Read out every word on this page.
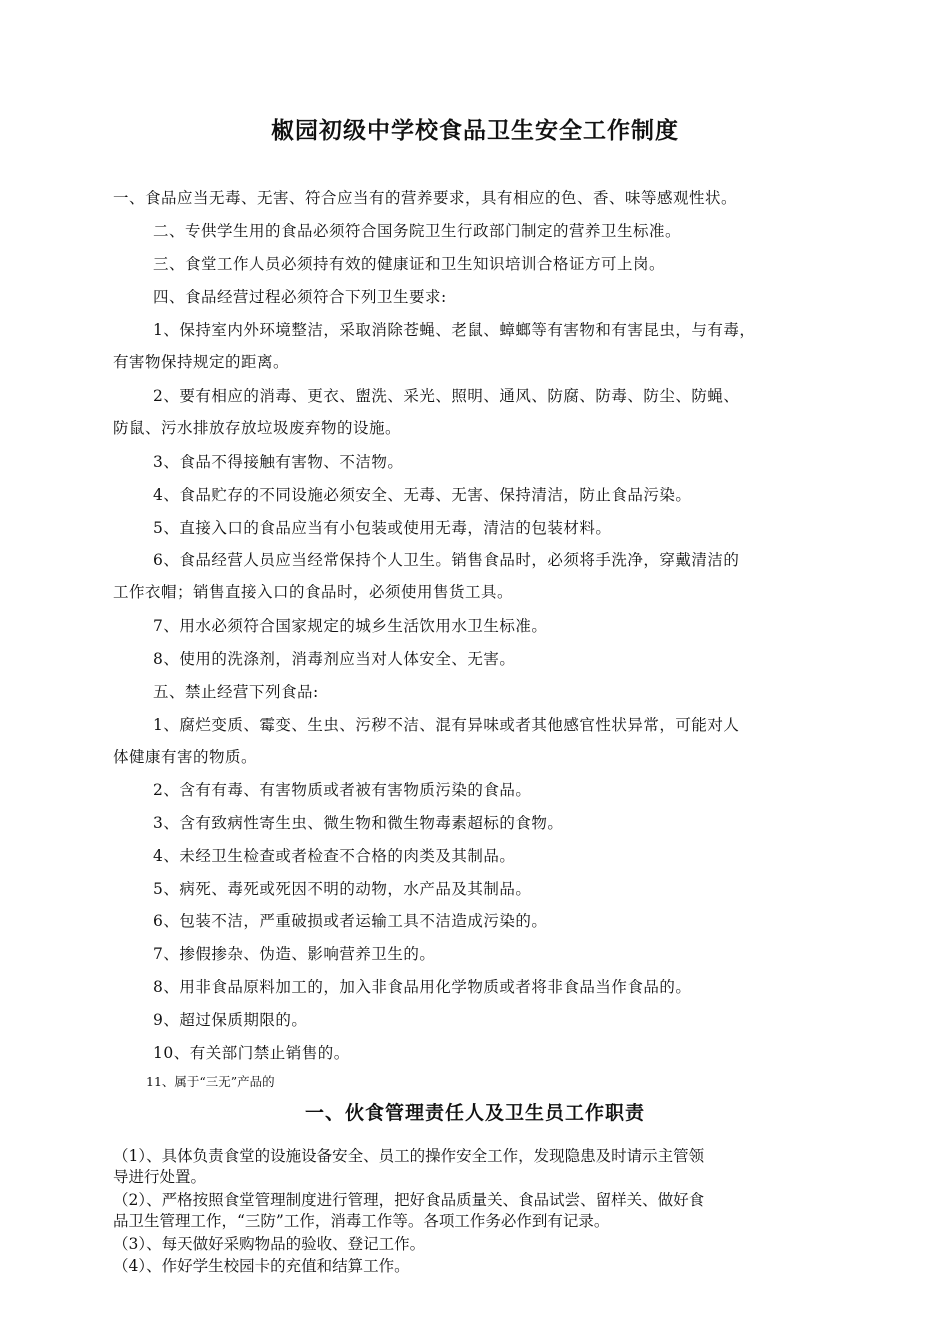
椒园初级中学校食品卫生安全工作制度
一、食品应当无毒、无害、符合应当有的营养要求，具有相应的色、香、味等感观性状。
二、专供学生用的食品必须符合国务院卫生行政部门制定的营养卫生标准。
三、食堂工作人员必须持有效的健康证和卫生知识培训合格证方可上岗。
四、食品经营过程必须符合下列卫生要求:
1、保持室内外环境整洁，采取消除苍蝇、老鼠、蟑螂等有害物和有害昆虫，与有毒，
有害物保持规定的距离。
2、要有相应的消毒、更衣、盥洗、采光、照明、通风、防腐、防毒、防尘、防蝇、
防鼠、污水排放存放垃圾废弃物的设施。
3、食品不得接触有害物、不洁物。
4、食品贮存的不同设施必须安全、无毒、无害、保持清洁，防止食品污染。
5、直接入口的食品应当有小包装或使用无毒，清洁的包装材料。
6、食品经营人员应当经常保持个人卫生。销售食品时，必须将手洗净，穿戴清洁的
工作衣帽；销售直接入口的食品时，必须使用售货工具。
7、用水必须符合国家规定的城乡生活饮用水卫生标准。
8、使用的洗涤剂，消毒剂应当对人体安全、无害。
五、禁止经营下列食品:
1、腐烂变质、霉变、生虫、污秽不洁、混有异味或者其他感官性状异常，可能对人
体健康有害的物质。
2、含有有毒、有害物质或者被有害物质污染的食品。
3、含有致病性寄生虫、微生物和微生物毒素超标的食物。
4、未经卫生检查或者检查不合格的肉类及其制品。
5、病死、毒死或死因不明的动物，水产品及其制品。
6、包装不洁，严重破损或者运输工具不洁造成污染的。
7、掺假掺杂、伪造、影响营养卫生的。
8、用非食品原料加工的，加入非食品用化学物质或者将非食品当作食品的。
9、超过保质期限的。
10、有关部门禁止销售的。
11、属于“三无”产品的
一、伙食管理责任人及卫生员工作职责
（1）、具体负责食堂的设施设备安全、员工的操作安全工作，发现隐患及时请示主管领
导进行处置。
（2）、严格按照食堂管理制度进行管理，把好食品质量关、食品试尝、留样关、做好食
品卫生管理工作，“三防”工作，消毒工作等。各项工作务必作到有记录。
（3）、每天做好采购物品的验收、登记工作。
（4）、作好学生校园卡的充值和结算工作。
